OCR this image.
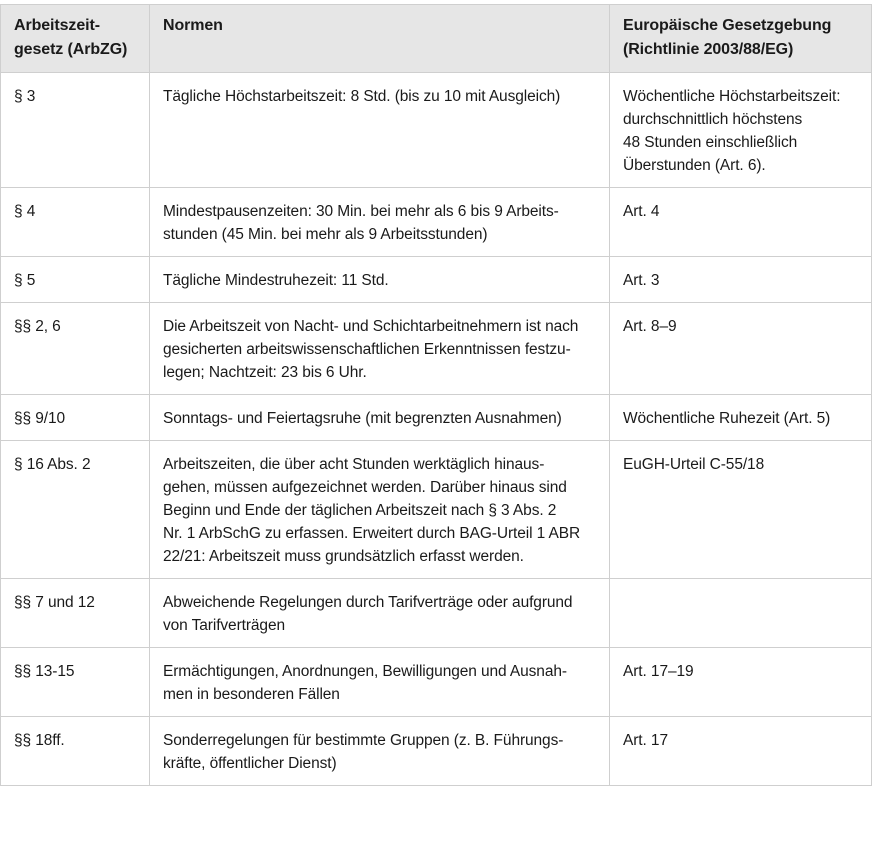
Arbeitszeit-
gesetz (ArbZG)	Normen	Europäische Gesetzgebung
(Richtlinie 2003/88/EG)
§ 3	Tägliche Höchstarbeitszeit: 8 Std. (bis zu 10 mit Ausgleich)	Wöchentliche Höchstarbeitszeit:
durchschnittlich höchstens
48 Stunden einschließlich
Überstunden (Art. 6).
§ 4	Mindestpausenzeiten: 30 Min. bei mehr als 6 bis 9 Arbeits-
stunden (45 Min. bei mehr als 9 Arbeitsstunden)	Art. 4
§ 5	Tägliche Mindestruhezeit: 11 Std.	Art. 3
§§ 2, 6	Die Arbeitszeit von Nacht- und Schichtarbeitnehmern ist nach
gesicherten arbeitswissenschaftlichen Erkenntnissen festzu-
legen; Nachtzeit: 23 bis 6 Uhr.	Art. 8–9
§§ 9/10	Sonntags- und Feiertagsruhe (mit begrenzten Ausnahmen)	Wöchentliche Ruhezeit (Art. 5)
§ 16 Abs. 2	Arbeitszeiten, die über acht Stunden werktäglich hinaus-
gehen, müssen aufgezeichnet werden. Darüber hinaus sind
Beginn und Ende der täglichen Arbeitszeit nach § 3 Abs. 2
Nr. 1 ArbSchG zu erfassen. Erweitert durch BAG-Urteil 1 ABR
22/21: Arbeitszeit muss grundsätzlich erfasst werden.	EuGH-Urteil C-55/18
§§ 7 und 12	Abweichende Regelungen durch Tarifverträge oder aufgrund
von Tarifverträgen	
§§ 13-15	Ermächtigungen, Anordnungen, Bewilligungen und Ausnah-
men in besonderen Fällen	Art. 17–19
§§ 18ff.	Sonderregelungen für bestimmte Gruppen (z. B. Führungs-
kräfte, öffentlicher Dienst)	Art. 17
